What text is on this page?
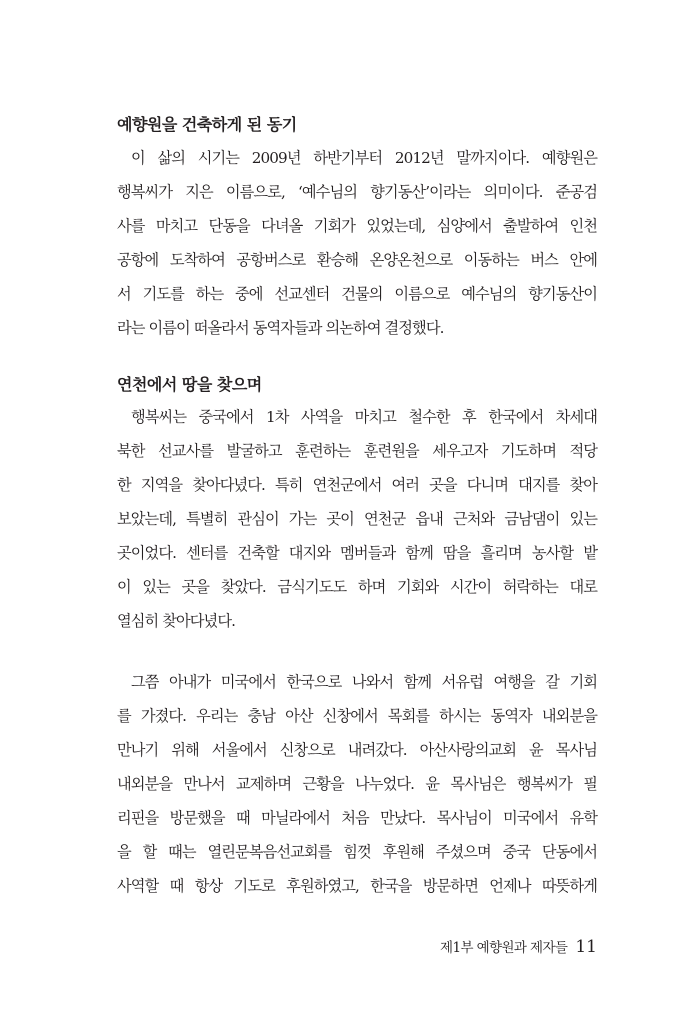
예향원을 건축하게 된 동기
이 삶의 시기는 2009년 하반기부터 2012년 말까지이다. 예향원은
행복씨가 지은 이름으로, ‘예수님의 향기동산’이라는 의미이다. 준공검
사를 마치고 단동을 다녀올 기회가 있었는데, 심양에서 출발하여 인천
공항에 도착하여 공항버스로 환승해 온양온천으로 이동하는 버스 안에
서 기도를 하는 중에 선교센터 건물의 이름으로 예수님의 향기동산이
라는 이름이 떠올라서 동역자들과 의논하여 결정했다.
연천에서 땅을 찾으며
행복씨는 중국에서 1차 사역을 마치고 철수한 후 한국에서 차세대
북한 선교사를 발굴하고 훈련하는 훈련원을 세우고자 기도하며 적당
한 지역을 찾아다녔다. 특히 연천군에서 여러 곳을 다니며 대지를 찾아
보았는데, 특별히 관심이 가는 곳이 연천군 읍내 근처와 금남댐이 있는
곳이었다. 센터를 건축할 대지와 멤버들과 함께 땀을 흘리며 농사할 밭
이 있는 곳을 찾았다. 금식기도도 하며 기회와 시간이 허락하는 대로
열심히 찾아다녔다.
그쯤 아내가 미국에서 한국으로 나와서 함께 서유럽 여행을 갈 기회
를 가졌다. 우리는 충남 아산 신창에서 목회를 하시는 동역자 내외분을
만나기 위해 서울에서 신창으로 내려갔다. 아산사랑의교회 윤 목사님
내외분을 만나서 교제하며 근황을 나누었다. 윤 목사님은 행복씨가 필
리핀을 방문했을 때 마닐라에서 처음 만났다. 목사님이 미국에서 유학
을 할 때는 열린문복음선교회를 힘껏 후원해 주셨으며 중국 단동에서
사역할 때 항상 기도로 후원하였고, 한국을 방문하면 언제나 따뜻하게
제1부 예향원과 제자들 11
